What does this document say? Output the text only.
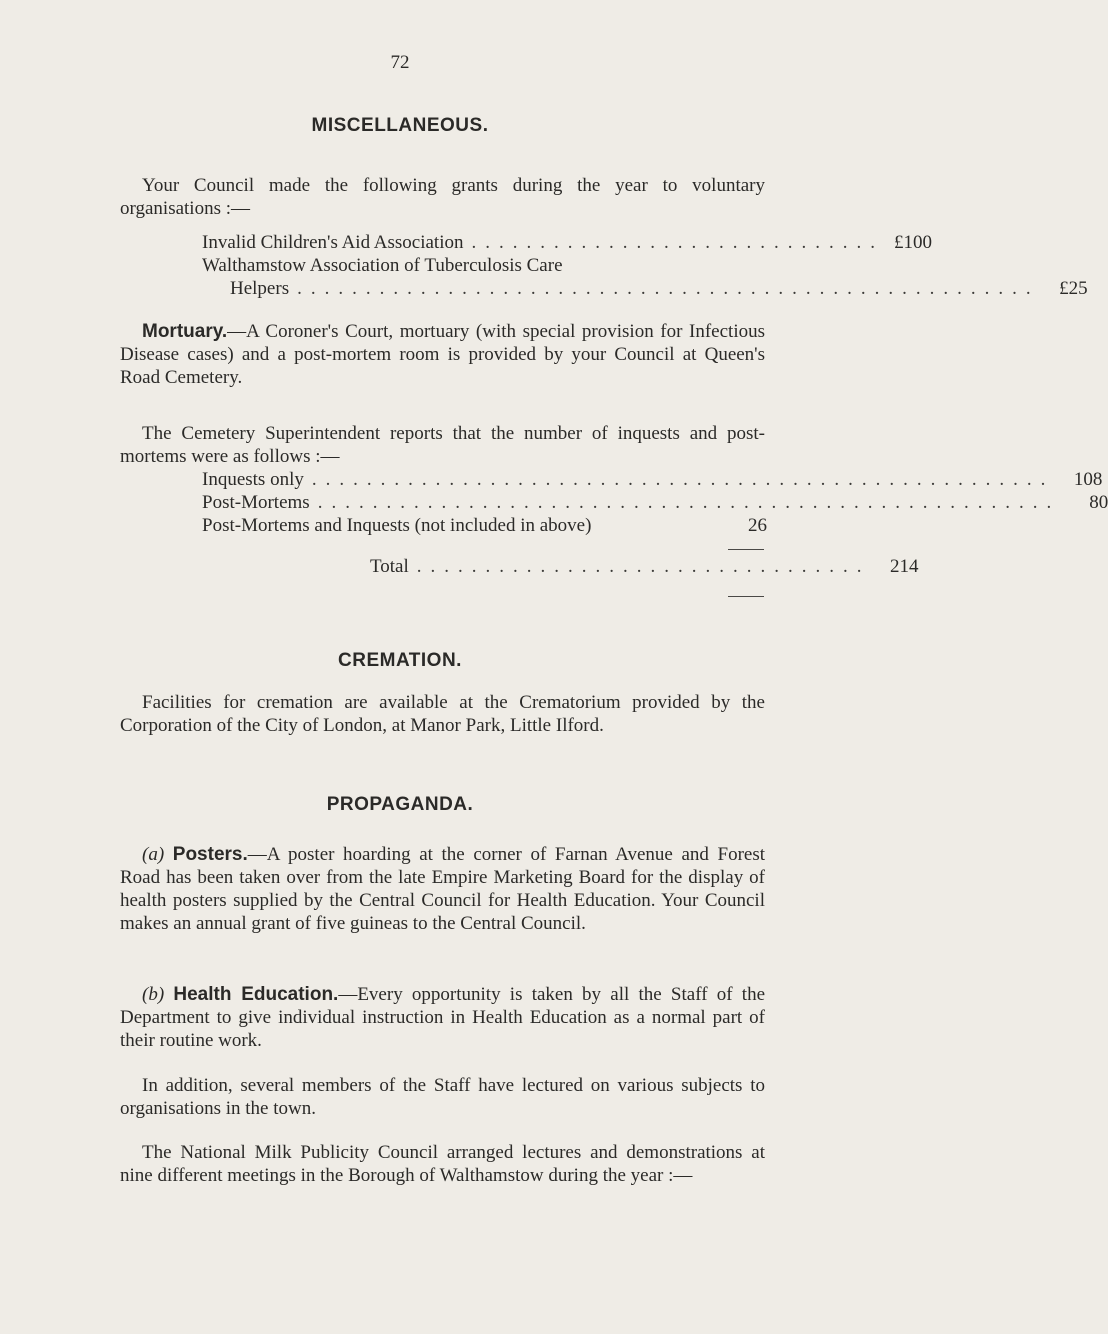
72
MISCELLANEOUS.
Your Council made the following grants during the year to voluntary organisations :—
Invalid Children's Aid Association .............................. £100
Walthamstow Association of Tuberculosis Care
Helpers ......................................................	£25
Mortuary.—A Coroner's Court, mortuary (with special provision for Infectious Disease cases) and a post-mortem room is provided by your Council at Queen's Road Cemetery.
The Cemetery Superintendent reports that the number of inquests and post-mortems were as follows :—
Inquests only ......................................................	108
Post-Mortems ......................................................	80
Post-Mortems and Inquests (not included in above)	26
Total .................................	214
CREMATION.
Facilities for cremation are available at the Crematorium provided by the Corporation of the City of London, at Manor Park, Little Ilford.
PROPAGANDA.
(a) Posters.—A poster hoarding at the corner of Farnan Avenue and Forest Road has been taken over from the late Empire Marketing Board for the display of health posters supplied by the Central Council for Health Education. Your Council makes an annual grant of five guineas to the Central Council.
(b) Health Education.—Every opportunity is taken by all the Staff of the Department to give individual instruction in Health Education as a normal part of their routine work.
In addition, several members of the Staff have lectured on various subjects to organisations in the town.
The National Milk Publicity Council arranged lectures and demonstrations at nine different meetings in the Borough of Walthamstow during the year :—
